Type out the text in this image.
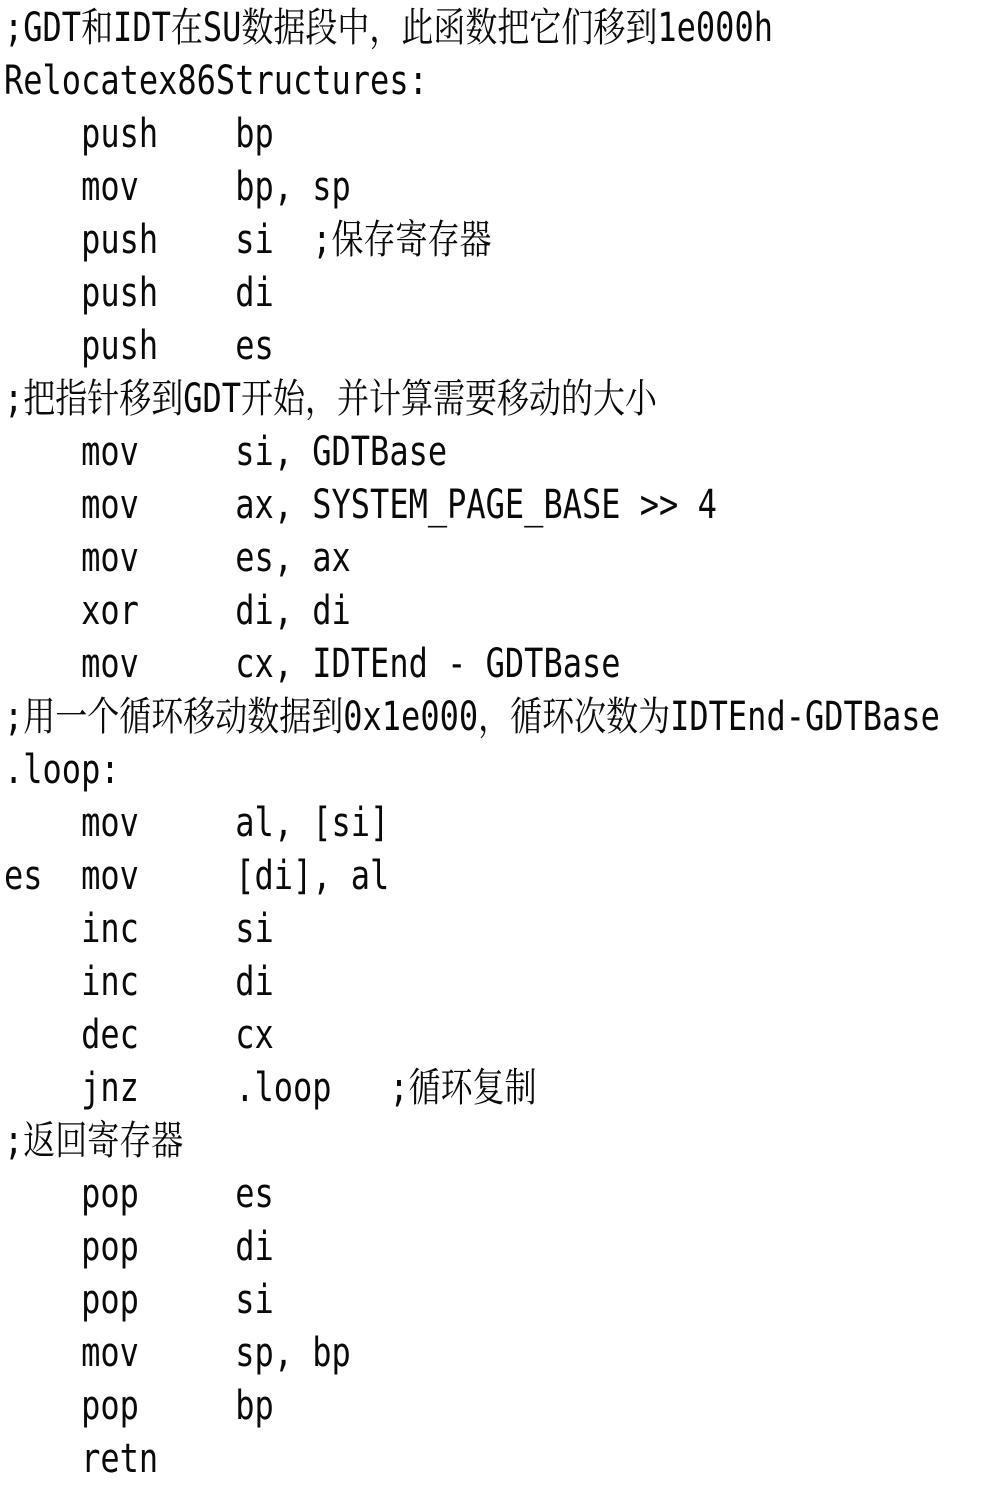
;GDT和IDT在SU数据段中，此函数把它们移到1e000h
Relocatex86Structures:
push    bp
mov     bp, sp
push    si  ;保存寄存器
push    di
push    es
;把指针移到GDT开始，并计算需要移动的大小
mov     si, GDTBase
mov     ax, SYSTEM_PAGE_BASE >> 4
mov     es, ax
xor     di, di
mov     cx, IDTEnd - GDTBase
;用一个循环移动数据到0x1e000，循环次数为IDTEnd-GDTBase
.loop:
mov     al, [si]
es  mov     [di], al
inc     si
inc     di
dec     cx
jnz     .loop   ;循环复制
;返回寄存器
pop     es
pop     di
pop     si
mov     sp, bp
pop     bp
retn
